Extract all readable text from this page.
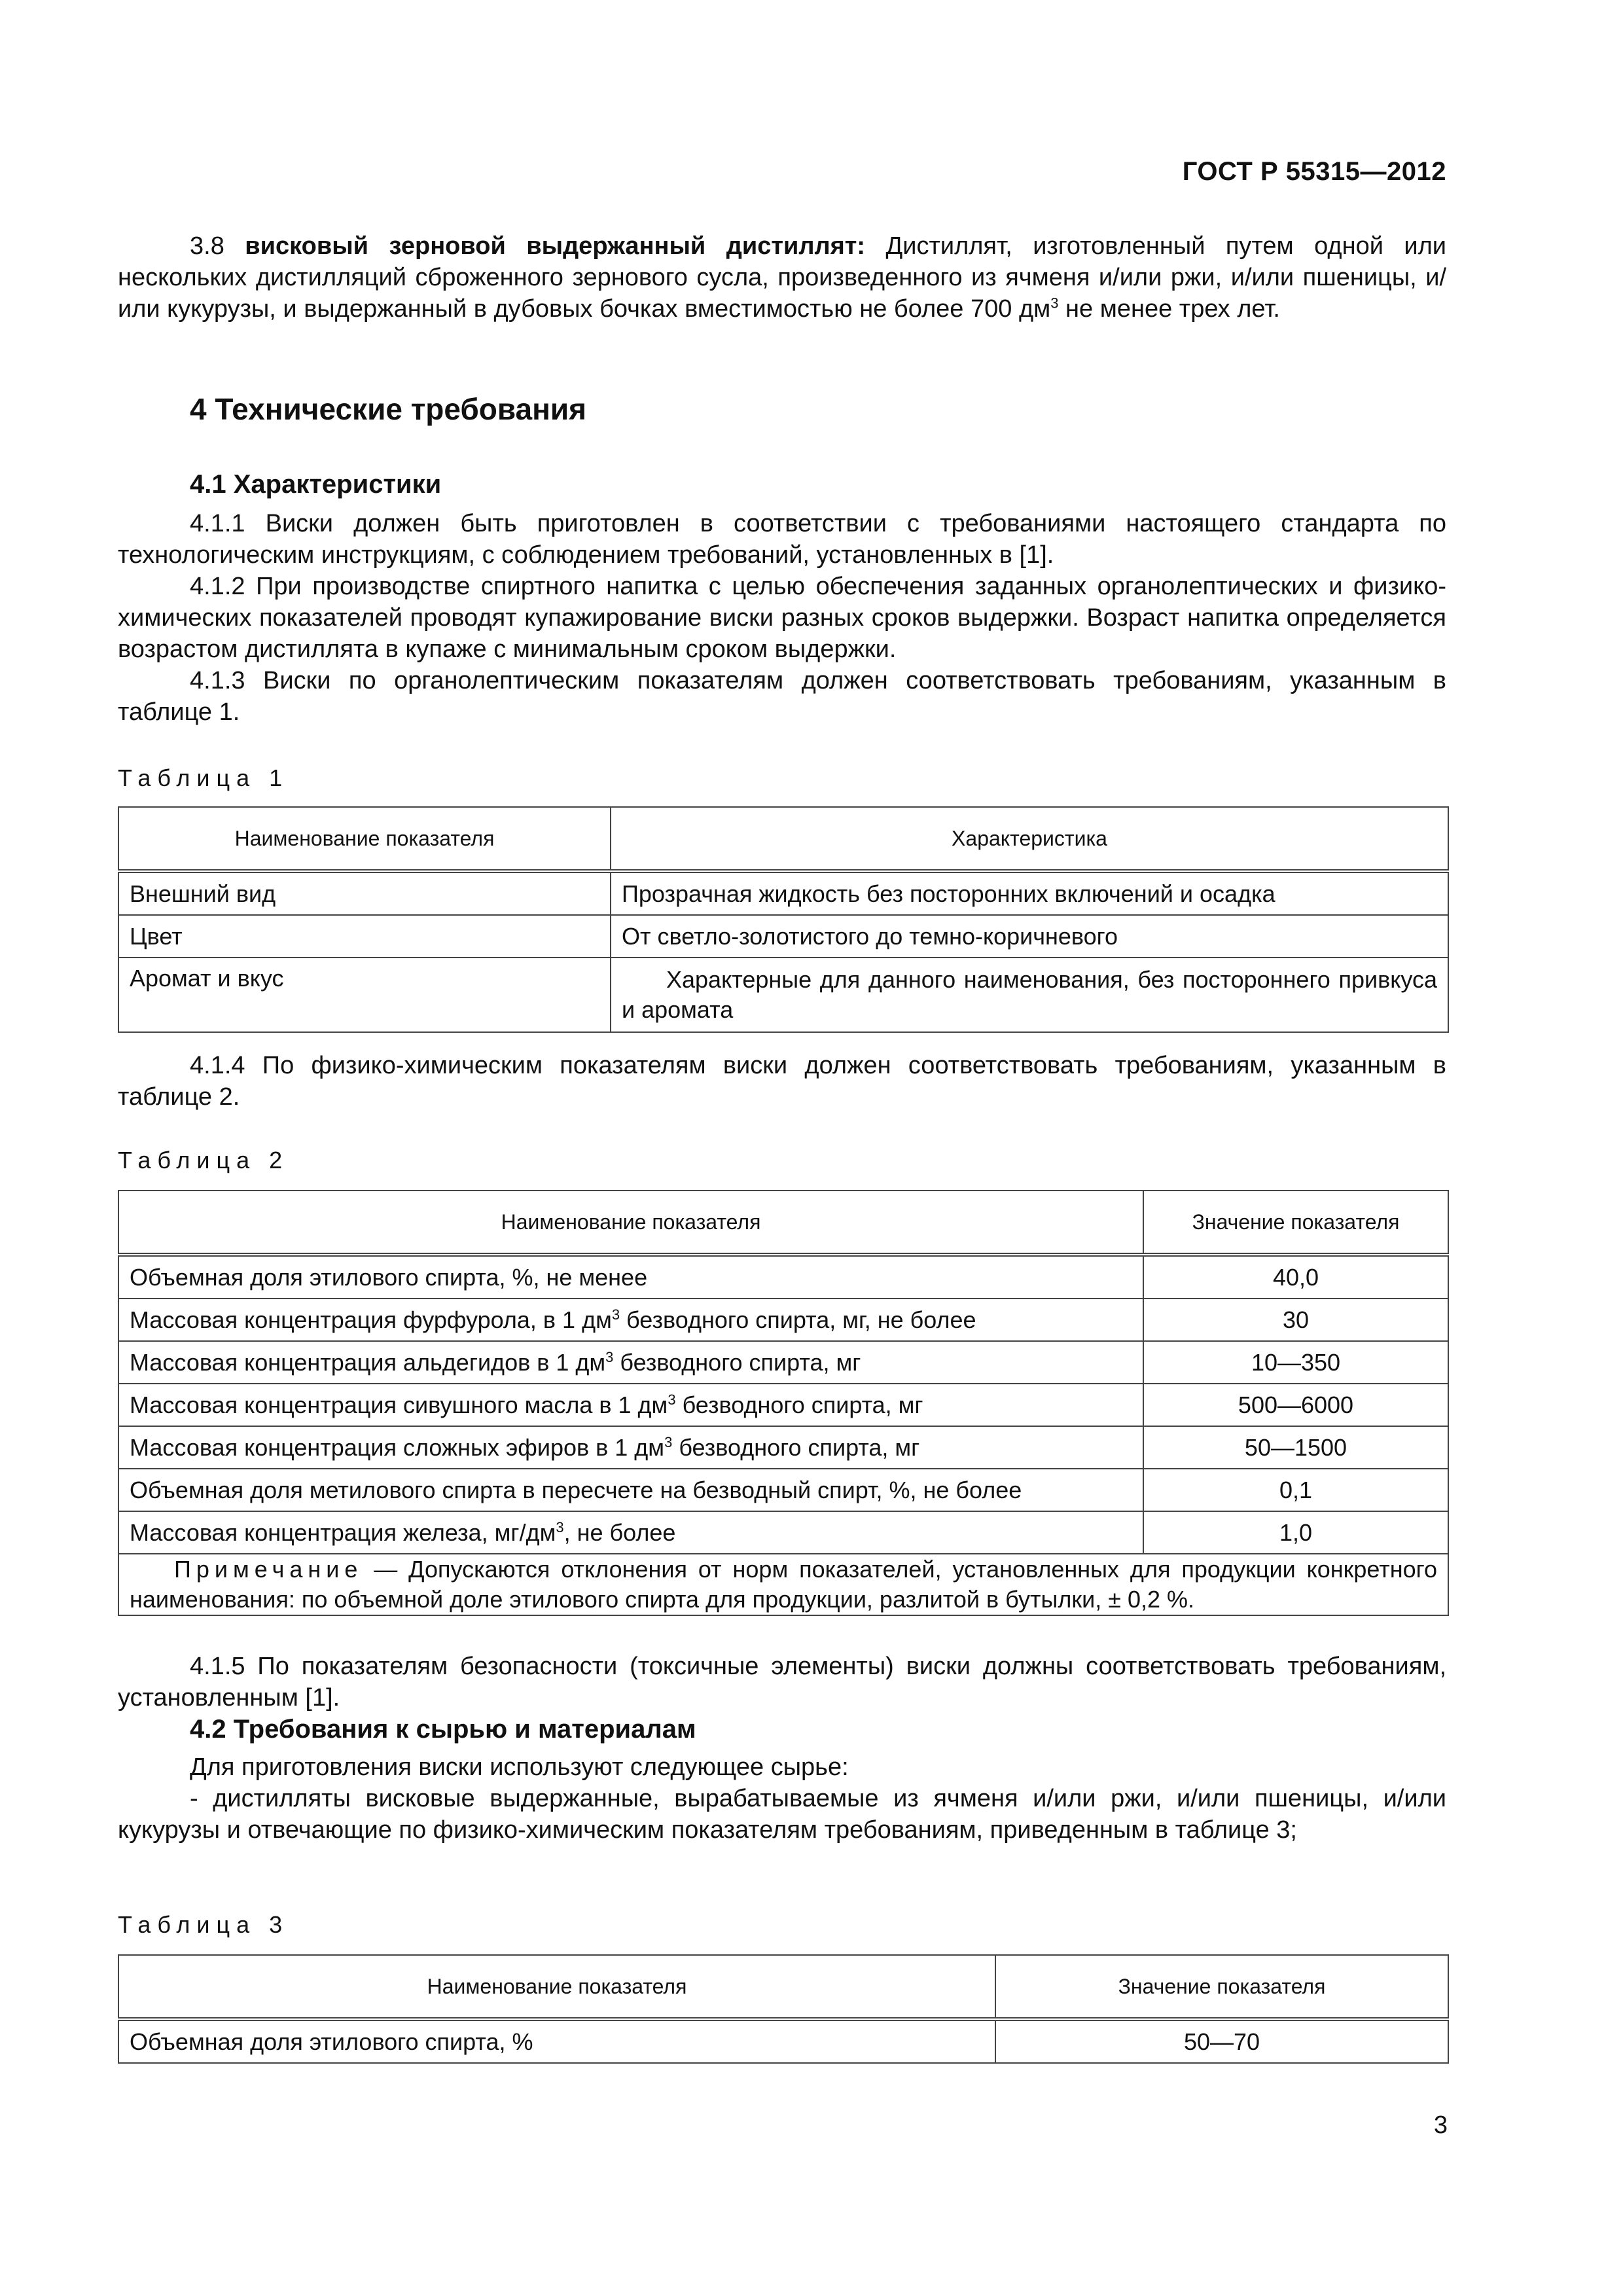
ГОСТ Р 55315—2012
3.8 висковый зерновой выдержанный дистиллят: Дистиллят, изготовленный путем одной или нескольких дистилляций сброженного зернового сусла, произведенного из ячменя и/или ржи, и/или пшеницы, и/или кукурузы, и выдержанный в дубовых бочках вместимостью не более 700 $дм^3$ не менее трех лет.
4 Технические требования
4.1 Характеристики
4.1.1 Виски должен быть приготовлен в соответствии с требованиями настоящего стандарта по технологическим инструкциям, с соблюдением требований, установленных в [1].
4.1.2 При производстве спиртного напитка с целью обеспечения заданных органолептических и физико-химических показателей проводят купажирование виски разных сроков выдержки. Возраст напитка определяется возрастом дистиллята в купаже с минимальным сроком выдержки.
4.1.3 Виски по органолептическим показателям должен соответствовать требованиям, указанным в таблице 1.
Таблица 1
Наименование показателя	Характеристика
Внешний вид	Прозрачная жидкость без посторонних включений и осадка
Цвет	От светло-золотистого до темно-коричневого
Аромат и вкус	Характерные для данного наименования, без постороннего привкуса и аромата
4.1.4 По физико-химическим показателям виски должен соответствовать требованиям, указанным в таблице 2.
Таблица 2
Наименование показателя	Значение показателя
Объемная доля этилового спирта, %, не менее	40,0
Массовая концентрация фурфурола, в 1 $дм^3$ безводного спирта, мг, не более	30
Массовая концентрация альдегидов в 1 $дм^3$ безводного спирта, мг	10—350
Массовая концентрация сивушного масла в 1 $дм^3$ безводного спирта, мг	500—6000
Массовая концентрация сложных эфиров в 1 $дм^3$ безводного спирта, мг	50—1500
Объемная доля метилового спирта в пересчете на безводный спирт, %, не более	0,1
Массовая концентрация железа, $мг/дм^3$, не более	1,0
Примечание — Допускаются отклонения от норм показателей, установленных для продукции конкретного наименования: по объемной доле этилового спирта для продукции, разлитой в бутылки, ± 0,2 %.	
4.1.5 По показателям безопасности (токсичные элементы) виски должны соответствовать требованиям, установленным [1].
4.2 Требования к сырью и материалам
Для приготовления виски используют следующее сырье:
- дистилляты висковые выдержанные, вырабатываемые из ячменя и/или ржи, и/или пшеницы, и/или кукурузы и отвечающие по физико-химическим показателям требованиям, приведенным в таблице 3;
Таблица 3
Наименование показателя	Значение показателя
Объемная доля этилового спирта, %	50—70
3
